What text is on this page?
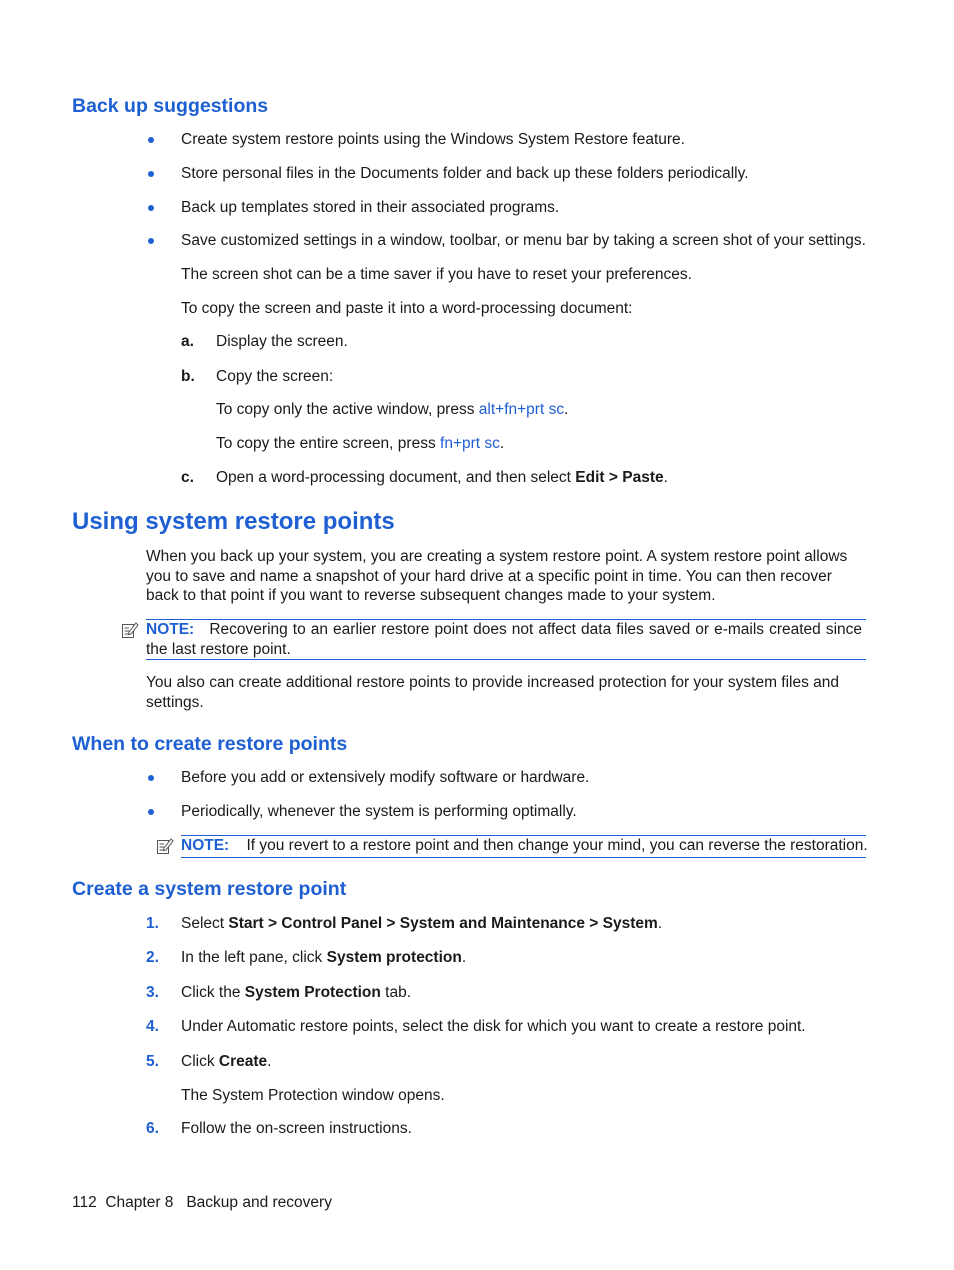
Back up suggestions
Create system restore points using the Windows System Restore feature.
Store personal files in the Documents folder and back up these folders periodically.
Back up templates stored in their associated programs.
Save customized settings in a window, toolbar, or menu bar by taking a screen shot of your settings.
The screen shot can be a time saver if you have to reset your preferences.
To copy the screen and paste it into a word-processing document:
a. Display the screen.
b. Copy the screen:
To copy only the active window, press alt+fn+prt sc.
To copy the entire screen, press fn+prt sc.
c. Open a word-processing document, and then select Edit > Paste.
Using system restore points
When you back up your system, you are creating a system restore point. A system restore point allows you to save and name a snapshot of your hard drive at a specific point in time. You can then recover back to that point if you want to reverse subsequent changes made to your system.
NOTE: Recovering to an earlier restore point does not affect data files saved or e-mails created since the last restore point.
You also can create additional restore points to provide increased protection for your system files and settings.
When to create restore points
Before you add or extensively modify software or hardware.
Periodically, whenever the system is performing optimally.
NOTE: If you revert to a restore point and then change your mind, you can reverse the restoration.
Create a system restore point
1. Select Start > Control Panel > System and Maintenance > System.
2. In the left pane, click System protection.
3. Click the System Protection tab.
4. Under Automatic restore points, select the disk for which you want to create a restore point.
5. Click Create.
The System Protection window opens.
6. Follow the on-screen instructions.
112 Chapter 8 Backup and recovery
